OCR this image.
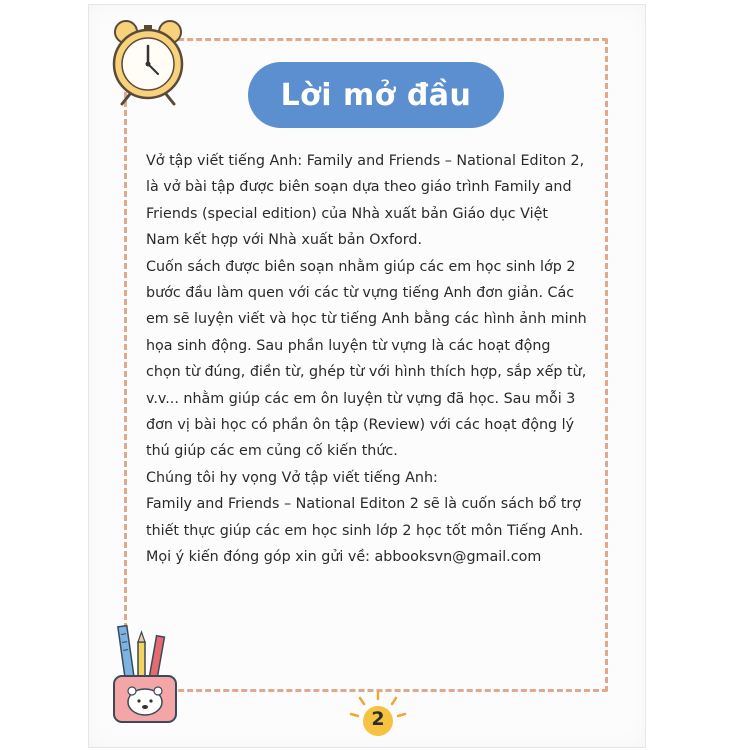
Lời mở đầu

Vở tập viết tiếng Anh: Family and Friends – National Editon 2,
là vở bài tập được biên soạn dựa theo giáo trình Family and
Friends (special edition) của Nhà xuất bản Giáo dục Việt
Nam kết hợp với Nhà xuất bản Oxford.

Cuốn sách được biên soạn nhằm giúp các em học sinh lớp 2
bước đầu làm quen với các từ vựng tiếng Anh đơn giản. Các
em sẽ luyện viết và học từ tiếng Anh bằng các hình ảnh minh
họa sinh động. Sau phần luyện từ vựng là các hoạt động
chọn từ đúng, điền từ, ghép từ với hình thích hợp, sắp xếp từ,
v.v... nhằm giúp các em ôn luyện từ vựng đã học. Sau mỗi 3
đơn vị bài học có phần ôn tập (Review) với các hoạt động lý
thú giúp các em củng cố kiến thức.

Chúng tôi hy vọng Vở tập viết tiếng Anh:
Family and Friends – National Editon 2 sẽ là cuốn sách bổ trợ
thiết thực giúp các em học sinh lớp 2 học tốt môn Tiếng Anh.
Mọi ý kiến đóng góp xin gửi về: abbooksvn@gmail.com

2
